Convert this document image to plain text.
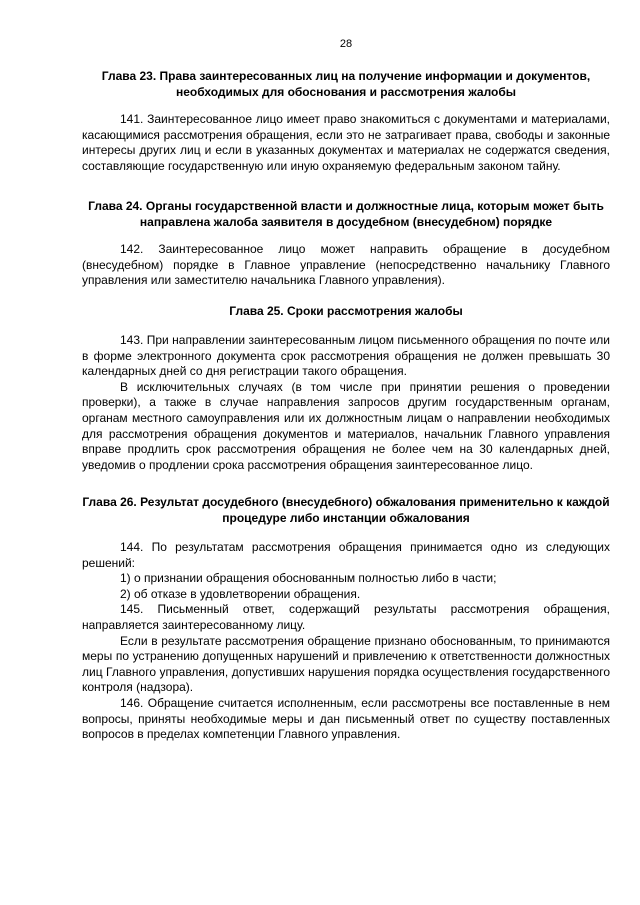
28

Глава 23. Права заинтересованных лиц на получение информации и документов, необходимых для обоснования и рассмотрения жалобы

141. Заинтересованное лицо имеет право знакомиться с документами и материалами, касающимися рассмотрения обращения, если это не затрагивает права, свободы и законные интересы других лиц и если в указанных документах и материалах не содержатся сведения, составляющие государственную или иную охраняемую федеральным законом тайну.

Глава 24. Органы государственной власти и должностные лица, которым может быть направлена жалоба заявителя в досудебном (внесудебном) порядке

142. Заинтересованное лицо может направить обращение в досудебном (внесудебном) порядке в Главное управление (непосредственно начальнику Главного управления или заместителю начальника Главного управления).

Глава 25. Сроки рассмотрения жалобы

143. При направлении заинтересованным лицом письменного обращения по почте или в форме электронного документа срок рассмотрения обращения не должен превышать 30 календарных дней со дня регистрации такого обращения.

В исключительных случаях (в том числе при принятии решения о проведении проверки), а также в случае направления запросов другим государственным органам, органам местного самоуправления или их должностным лицам о направлении необходимых для рассмотрения обращения документов и материалов, начальник Главного управления вправе продлить срок рассмотрения обращения не более чем на 30 календарных дней, уведомив о продлении срока рассмотрения обращения заинтересованное лицо.

Глава 26. Результат досудебного (внесудебного) обжалования применительно к каждой процедуре либо инстанции обжалования

144. По результатам рассмотрения обращения принимается одно из следующих решений:

1) о признании обращения обоснованным полностью либо в части;

2) об отказе в удовлетворении обращения.

145. Письменный ответ, содержащий результаты рассмотрения обращения, направляется заинтересованному лицу.

Если в результате рассмотрения обращение признано обоснованным, то принимаются меры по устранению допущенных нарушений и привлечению к ответственности должностных лиц Главного управления, допустивших нарушения порядка осуществления государственного контроля (надзора).

146. Обращение считается исполненным, если рассмотрены все поставленные в нем вопросы, приняты необходимые меры и дан письменный ответ по существу поставленных вопросов в пределах компетенции Главного управления.
